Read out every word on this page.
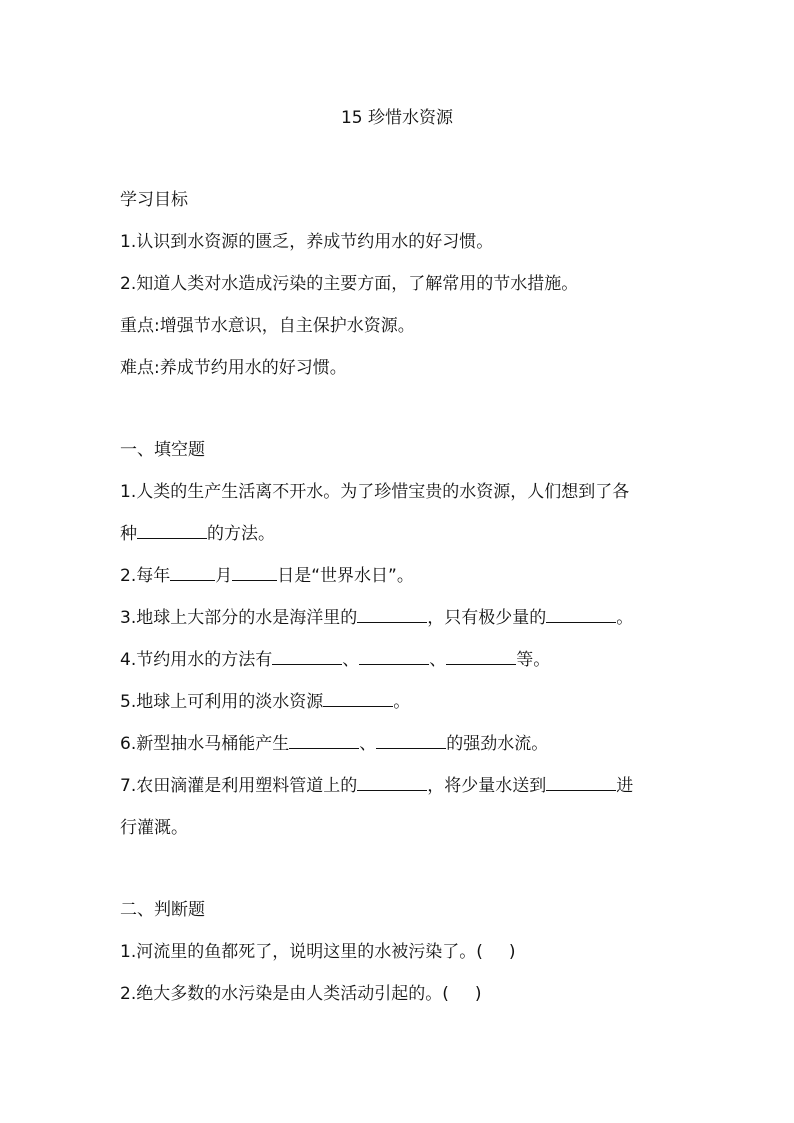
15 珍惜水资源
学习目标
1.认识到水资源的匮乏，养成节约用水的好习惯。
2.知道人类对水造成污染的主要方面，了解常用的节水措施。
重点:增强节水意识，自主保护水资源。
难点:养成节约用水的好习惯。
一、填空题
1.人类的生产生活离不开水。为了珍惜宝贵的水资源，人们想到了各
种	的方法。
2.每年	月	日是“世界水日”。
3.地球上大部分的水是海洋里的	，只有极少量的	。
4.节约用水的方法有	、	、	等。
5.地球上可利用的淡水资源	。
6.新型抽水马桶能产生	、	的强劲水流。
7.农田滴灌是利用塑料管道上的	，将少量水送到	进
行灌溉。
二、判断题
1.河流里的鱼都死了，说明这里的水被污染了。( )
2.绝大多数的水污染是由人类活动引起的。( )
